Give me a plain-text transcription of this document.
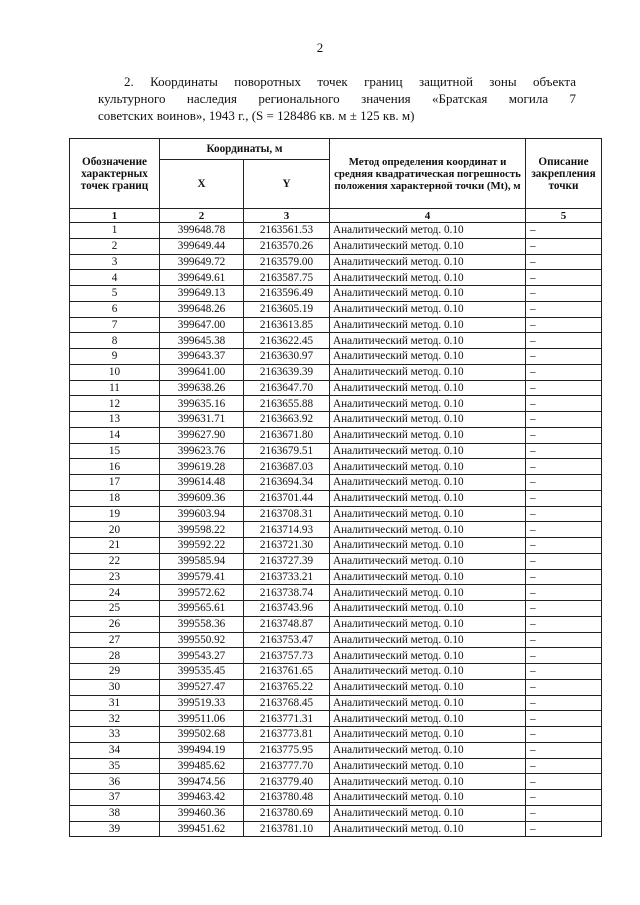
2
2. Координаты поворотных точек границ защитной зоны объекта
культурного наследия регионального значения «Братская могила 7
советских воинов», 1943 г., (S = 128486 кв. м ± 125 кв. м)
Обозначение характерных точек границ	Координаты, м		Метод определения координат и средняя квадратическая погрешность положения характерной точки (Mt), м	Описание закрепления точки
	X	Y		
1	2	3	4	5
1	399648.78	2163561.53	Аналитический метод. 0.10	–
2	399649.44	2163570.26	Аналитический метод. 0.10	–
3	399649.72	2163579.00	Аналитический метод. 0.10	–
4	399649.61	2163587.75	Аналитический метод. 0.10	–
5	399649.13	2163596.49	Аналитический метод. 0.10	–
6	399648.26	2163605.19	Аналитический метод. 0.10	–
7	399647.00	2163613.85	Аналитический метод. 0.10	–
8	399645.38	2163622.45	Аналитический метод. 0.10	–
9	399643.37	2163630.97	Аналитический метод. 0.10	–
10	399641.00	2163639.39	Аналитический метод. 0.10	–
11	399638.26	2163647.70	Аналитический метод. 0.10	–
12	399635.16	2163655.88	Аналитический метод. 0.10	–
13	399631.71	2163663.92	Аналитический метод. 0.10	–
14	399627.90	2163671.80	Аналитический метод. 0.10	–
15	399623.76	2163679.51	Аналитический метод. 0.10	–
16	399619.28	2163687.03	Аналитический метод. 0.10	–
17	399614.48	2163694.34	Аналитический метод. 0.10	–
18	399609.36	2163701.44	Аналитический метод. 0.10	–
19	399603.94	2163708.31	Аналитический метод. 0.10	–
20	399598.22	2163714.93	Аналитический метод. 0.10	–
21	399592.22	2163721.30	Аналитический метод. 0.10	–
22	399585.94	2163727.39	Аналитический метод. 0.10	–
23	399579.41	2163733.21	Аналитический метод. 0.10	–
24	399572.62	2163738.74	Аналитический метод. 0.10	–
25	399565.61	2163743.96	Аналитический метод. 0.10	–
26	399558.36	2163748.87	Аналитический метод. 0.10	–
27	399550.92	2163753.47	Аналитический метод. 0.10	–
28	399543.27	2163757.73	Аналитический метод. 0.10	–
29	399535.45	2163761.65	Аналитический метод. 0.10	–
30	399527.47	2163765.22	Аналитический метод. 0.10	–
31	399519.33	2163768.45	Аналитический метод. 0.10	–
32	399511.06	2163771.31	Аналитический метод. 0.10	–
33	399502.68	2163773.81	Аналитический метод. 0.10	–
34	399494.19	2163775.95	Аналитический метод. 0.10	–
35	399485.62	2163777.70	Аналитический метод. 0.10	–
36	399474.56	2163779.40	Аналитический метод. 0.10	–
37	399463.42	2163780.48	Аналитический метод. 0.10	–
38	399460.36	2163780.69	Аналитический метод. 0.10	–
39	399451.62	2163781.10	Аналитический метод. 0.10	–
